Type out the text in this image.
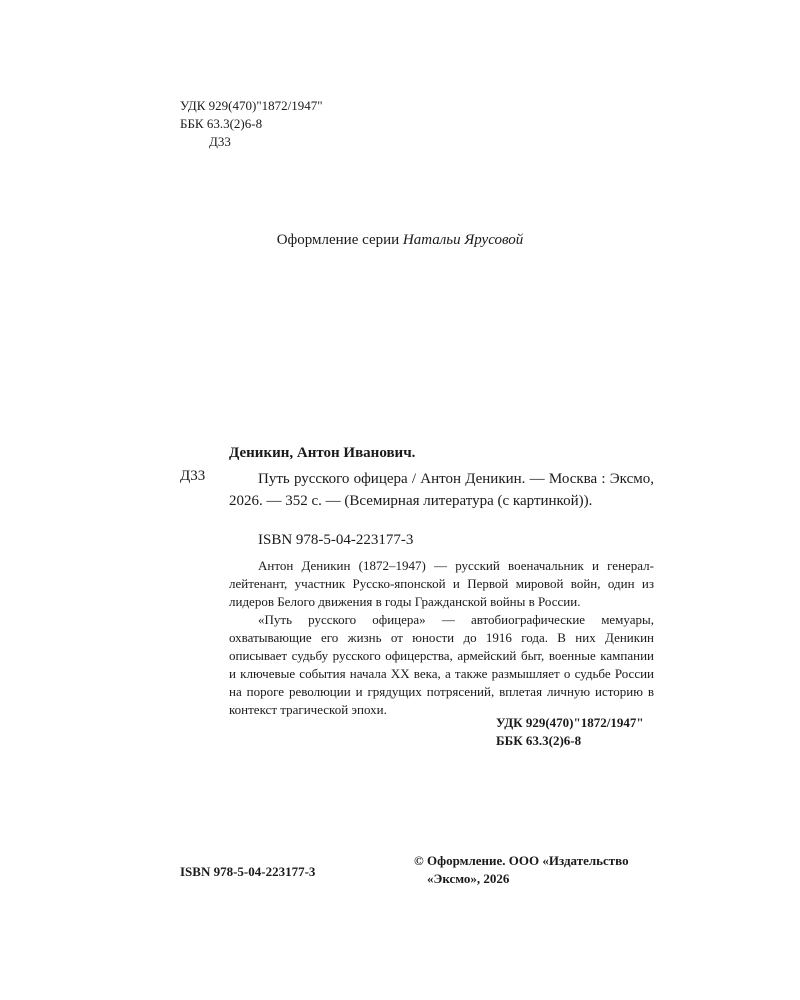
УДК 929(470)"1872/1947"
ББК 63.3(2)6-8

Д33
Оформление серии Натальи Ярусовой
Деникин, Антон Иванович.
Д33	Путь русского офицера / Антон Деникин. — Москва : Эксмо, 2026. — 352 с. — (Всемирная литература (с картинкой)).
ISBN 978-5-04-223177-3

Антон Деникин (1872–1947) — русский военачальник и генерал-лейтенант, участник Русско-японской и Первой мировой войн, один из лидеров Белого движения в годы Гражданской войны в России.

«Путь русского офицера» — автобиографические мемуары, охватывающие его жизнь от юности до 1916 года. В них Деникин описывает судьбу русского офицерства, армейский быт, военные кампании и ключевые события начала XX века, а также размышляет о судьбе России на пороге революции и грядущих потрясений, вплетая личную историю в контекст трагической эпохи.

УДК 929(470)"1872/1947"
ББК 63.3(2)6-8
ISBN 978-5-04-223177-3
© Оформление. ООО «Издательство

«Эксмо», 2026
